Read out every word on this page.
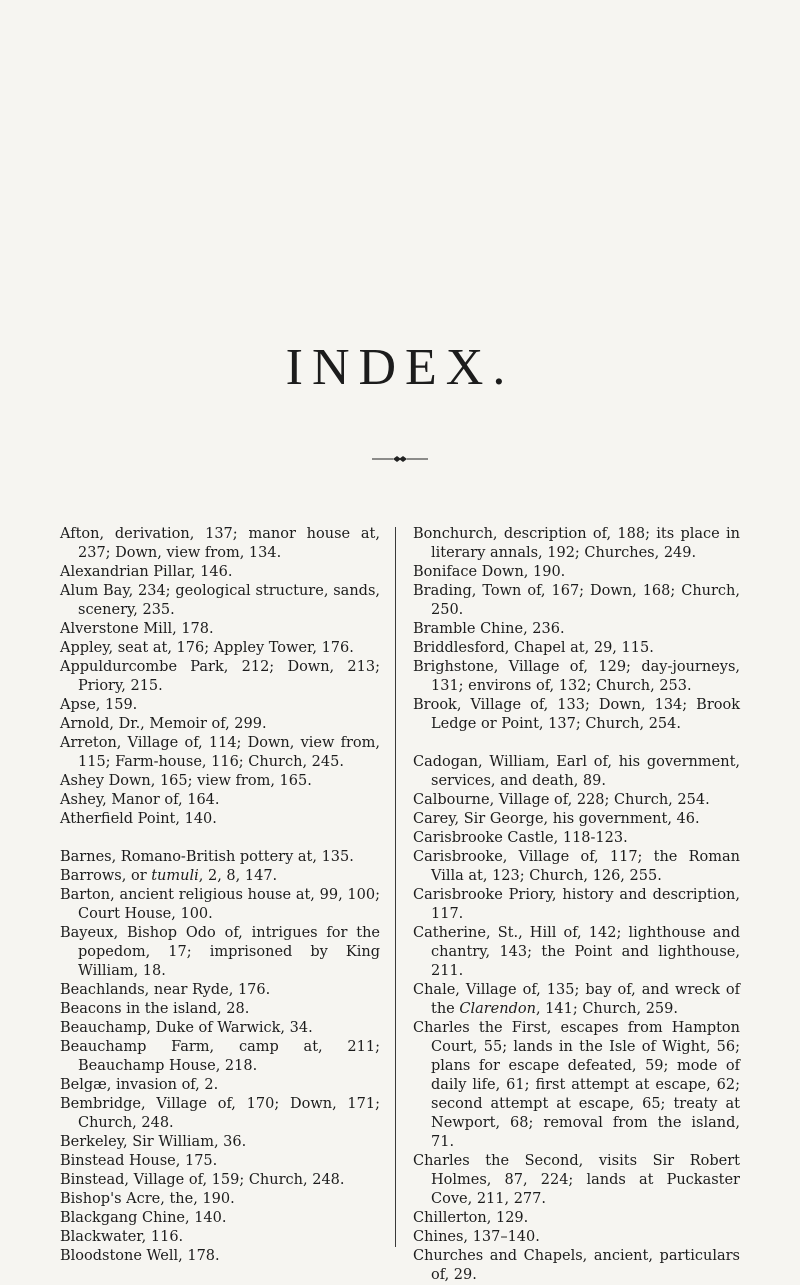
INDEX.

Afton, derivation, 137; manor house at, 237; Down, view from, 134.

Alexandrian Pillar, 146.

Alum Bay, 234; geological structure, sands, scenery, 235.

Alverstone Mill, 178.

Appley, seat at, 176; Appley Tower, 176.

Appuldurcombe Park, 212; Down, 213; Priory, 215.

Apse, 159.

Arnold, Dr., Memoir of, 299.

Arreton, Village of, 114; Down, view from, 115; Farm-house, 116; Church, 245.

Ashey Down, 165; view from, 165.

Ashey, Manor of, 164.

Atherfield Point, 140.

Barnes, Romano-British pottery at, 135.

Barrows, or tumuli, 2, 8, 147.

Barton, ancient religious house at, 99, 100; Court House, 100.

Bayeux, Bishop Odo of, intrigues for the popedom, 17; imprisoned by King William, 18.

Beachlands, near Ryde, 176.

Beacons in the island, 28.

Beauchamp, Duke of Warwick, 34.

Beauchamp Farm, camp at, 211; Beauchamp House, 218.

Belgæ, invasion of, 2.

Bembridge, Village of, 170; Down, 171; Church, 248.

Berkeley, Sir William, 36.

Binstead House, 175.

Binstead, Village of, 159; Church, 248.

Bishop's Acre, the, 190.

Blackgang Chine, 140.

Blackwater, 116.

Bloodstone Well, 178.

Bonchurch, description of, 188; its place in literary annals, 192; Churches, 249.

Boniface Down, 190.

Brading, Town of, 167; Down, 168; Church, 250.

Bramble Chine, 236.

Briddlesford, Chapel at, 29, 115.

Brighstone, Village of, 129; day-journeys, 131; environs of, 132; Church, 253.

Brook, Village of, 133; Down, 134; Brook Ledge or Point, 137; Church, 254.

Cadogan, William, Earl of, his government, services, and death, 89.

Calbourne, Village of, 228; Church, 254.

Carey, Sir George, his government, 46.

Carisbrooke Castle, 118-123.

Carisbrooke, Village of, 117; the Roman Villa at, 123; Church, 126, 255.

Carisbrooke Priory, history and description, 117.

Catherine, St., Hill of, 142; lighthouse and chantry, 143; the Point and lighthouse, 211.

Chale, Village of, 135; bay of, and wreck of the Clarendon, 141; Church, 259.

Charles the First, escapes from Hampton Court, 55; lands in the Isle of Wight, 56; plans for escape defeated, 59; mode of daily life, 61; first attempt at escape, 62; second attempt at escape, 65; treaty at Newport, 68; removal from the island, 71.

Charles the Second, visits Sir Robert Holmes, 87, 224; lands at Puckaster Cove, 211, 277.

Chillerton, 129.

Chines, 137–140.

Churches and Chapels, ancient, particulars of, 29.
